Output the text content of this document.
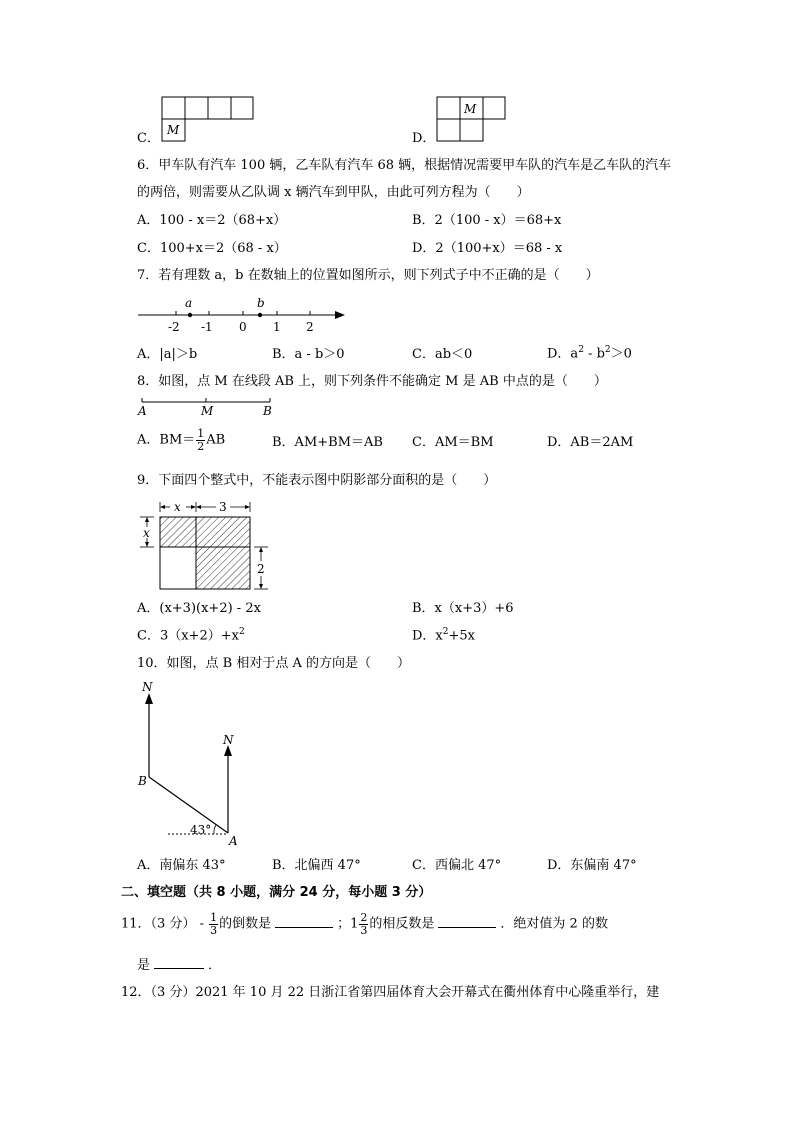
C．
M
D．
M
6．甲车队有汽车 100 辆，乙车队有汽车 68 辆，根据情况需要甲车队的汽车是乙车队的汽车
的两倍，则需要从乙队调 x 辆汽车到甲队，由此可列方程为（　　）
A．100 - x＝2（68+x）	B．2（100 - x）＝68+x
C．100+x＝2（68 - x）	D．2（100+x）＝68 - x
7．若有理数 a，b 在数轴上的位置如图所示，则下列式子中不正确的是（　　）
a	b
-2 -1 0 1 2
A．|a|＞b	B．a - b＞0	C．ab＜0	D．$a^2 - b^2>0$
8．如图，点 M 在线段 AB 上，则下列条件不能确定 M 是 AB 中点的是（　　）
A	M	B
A．$BM= \frac{1}{2}$ AB	B．AM+BM＝AB C．AM＝BM	D．AB＝2AM
9．下面四个整式中，不能表示图中阴影部分面积的是（　　）
x	3
x
2
A．(x+3)(x+2) - 2x	B．x（x+3）+6
C．$3(x+2)+x^2$	D．$x^2+5x$
10．如图，点 B 相对于点 A 的方向是（　　）
N
N
B
A
43°
A．南偏东 43°	B．北偏西 47°	C．西偏北 47°	D．东偏南 47°
二、填空题（共 8 小题，满分 24 分，每小题 3 分）
11．（3 分） - $\frac{1}{3}$ 的倒数是	；$1 \frac{2}{3}$ 的相反数是	．绝对值为 2 的数
是	．
12．（3 分）2021 年 10 月 22 日浙江省第四届体育大会开幕式在衢州体育中心隆重举行，建
